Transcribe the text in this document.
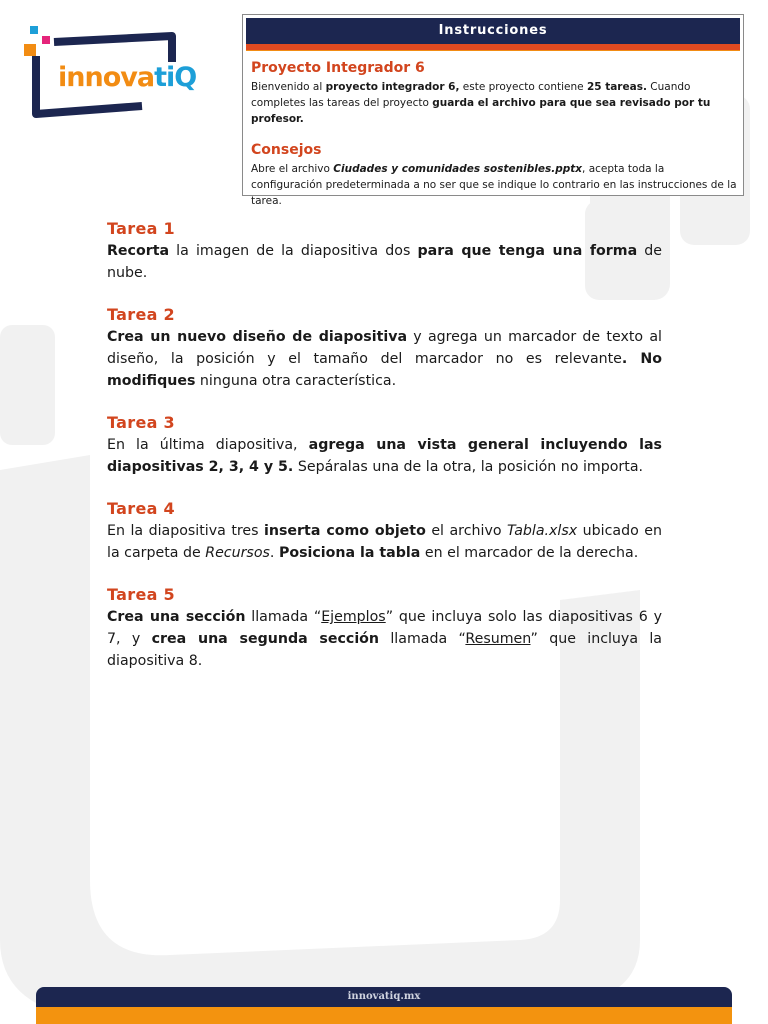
innovatiQ
Instrucciones

Proyecto Integrador 6

Bienvenido al proyecto integrador 6, este proyecto contiene 25 tareas. Cuando completes las tareas del proyecto guarda el archivo para que sea revisado por tu profesor.

Consejos

Abre el archivo Ciudades y comunidades sostenibles.pptx, acepta toda la configuración predeterminada a no ser que se indique lo contrario en las instrucciones de la tarea.

Tarea 1

Recorta la imagen de la diapositiva dos para que tenga una forma de nube.

Tarea 2

Crea un nuevo diseño de diapositiva y agrega un marcador de texto al diseño, la posición y el tamaño del marcador no es relevante. No modifiques ninguna otra característica.

Tarea 3

En la última diapositiva, agrega una vista general incluyendo las diapositivas 2, 3, 4 y 5. Sepáralas una de la otra, la posición no importa.

Tarea 4

En la diapositiva tres inserta como objeto el archivo Tabla.xlsx ubicado en la carpeta de Recursos. Posiciona la tabla en el marcador de la derecha.

Tarea 5

Crea una sección llamada “Ejemplos” que incluya solo las diapositivas 6 y 7, y crea una segunda sección llamada “Resumen” que incluya la diapositiva 8.

innovatiq.mx
